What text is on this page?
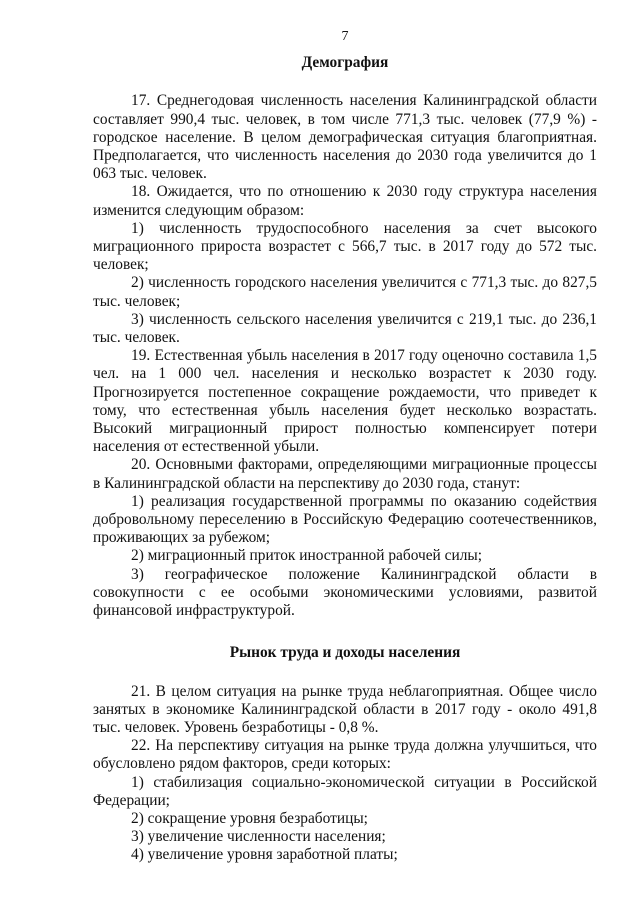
7
Демография

17. Среднегодовая численность населения Калининградской области составляет 990,4 тыс. человек, в том числе 771,3 тыс. человек (77,9 %) - городское население. В целом демографическая ситуация благоприятная. Предполагается, что численность населения до 2030 года увеличится до 1 063 тыс. человек.

18. Ожидается, что по отношению к 2030 году структура населения изменится следующим образом:

1) численность трудоспособного населения за счет высокого миграционного прироста возрастет с 566,7 тыс. в 2017 году до 572 тыс. человек;

2) численность городского населения увеличится с 771,3 тыс. до 827,5 тыс. человек;

3) численность сельского населения увеличится с 219,1 тыс. до 236,1 тыс. человек.

19. Естественная убыль населения в 2017 году оценочно составила 1,5 чел. на 1 000 чел. населения и несколько возрастет к 2030 году. Прогнозируется постепенное сокращение рождаемости, что приведет к тому, что естественная убыль населения будет несколько возрастать. Высокий миграционный прирост полностью компенсирует потери населения от естественной убыли.

20. Основными факторами, определяющими миграционные процессы в Калининградской области на перспективу до 2030 года, станут:

1) реализация государственной программы по оказанию содействия добровольному переселению в Российскую Федерацию соотечественников, проживающих за рубежом;

2) миграционный приток иностранной рабочей силы;

3) географическое положение Калининградской области в совокупности с ее особыми экономическими условиями, развитой финансовой инфраструктурой.

Рынок труда и доходы населения

21. В целом ситуация на рынке труда неблагоприятная. Общее число занятых в экономике Калининградской области в 2017 году - около 491,8 тыс. человек. Уровень безработицы - 0,8 %.

22. На перспективу ситуация на рынке труда должна улучшиться, что обусловлено рядом факторов, среди которых:

1) стабилизация социально-экономической ситуации в Российской Федерации;

2) сокращение уровня безработицы;

3) увеличение численности населения;

4) увеличение уровня заработной платы;
